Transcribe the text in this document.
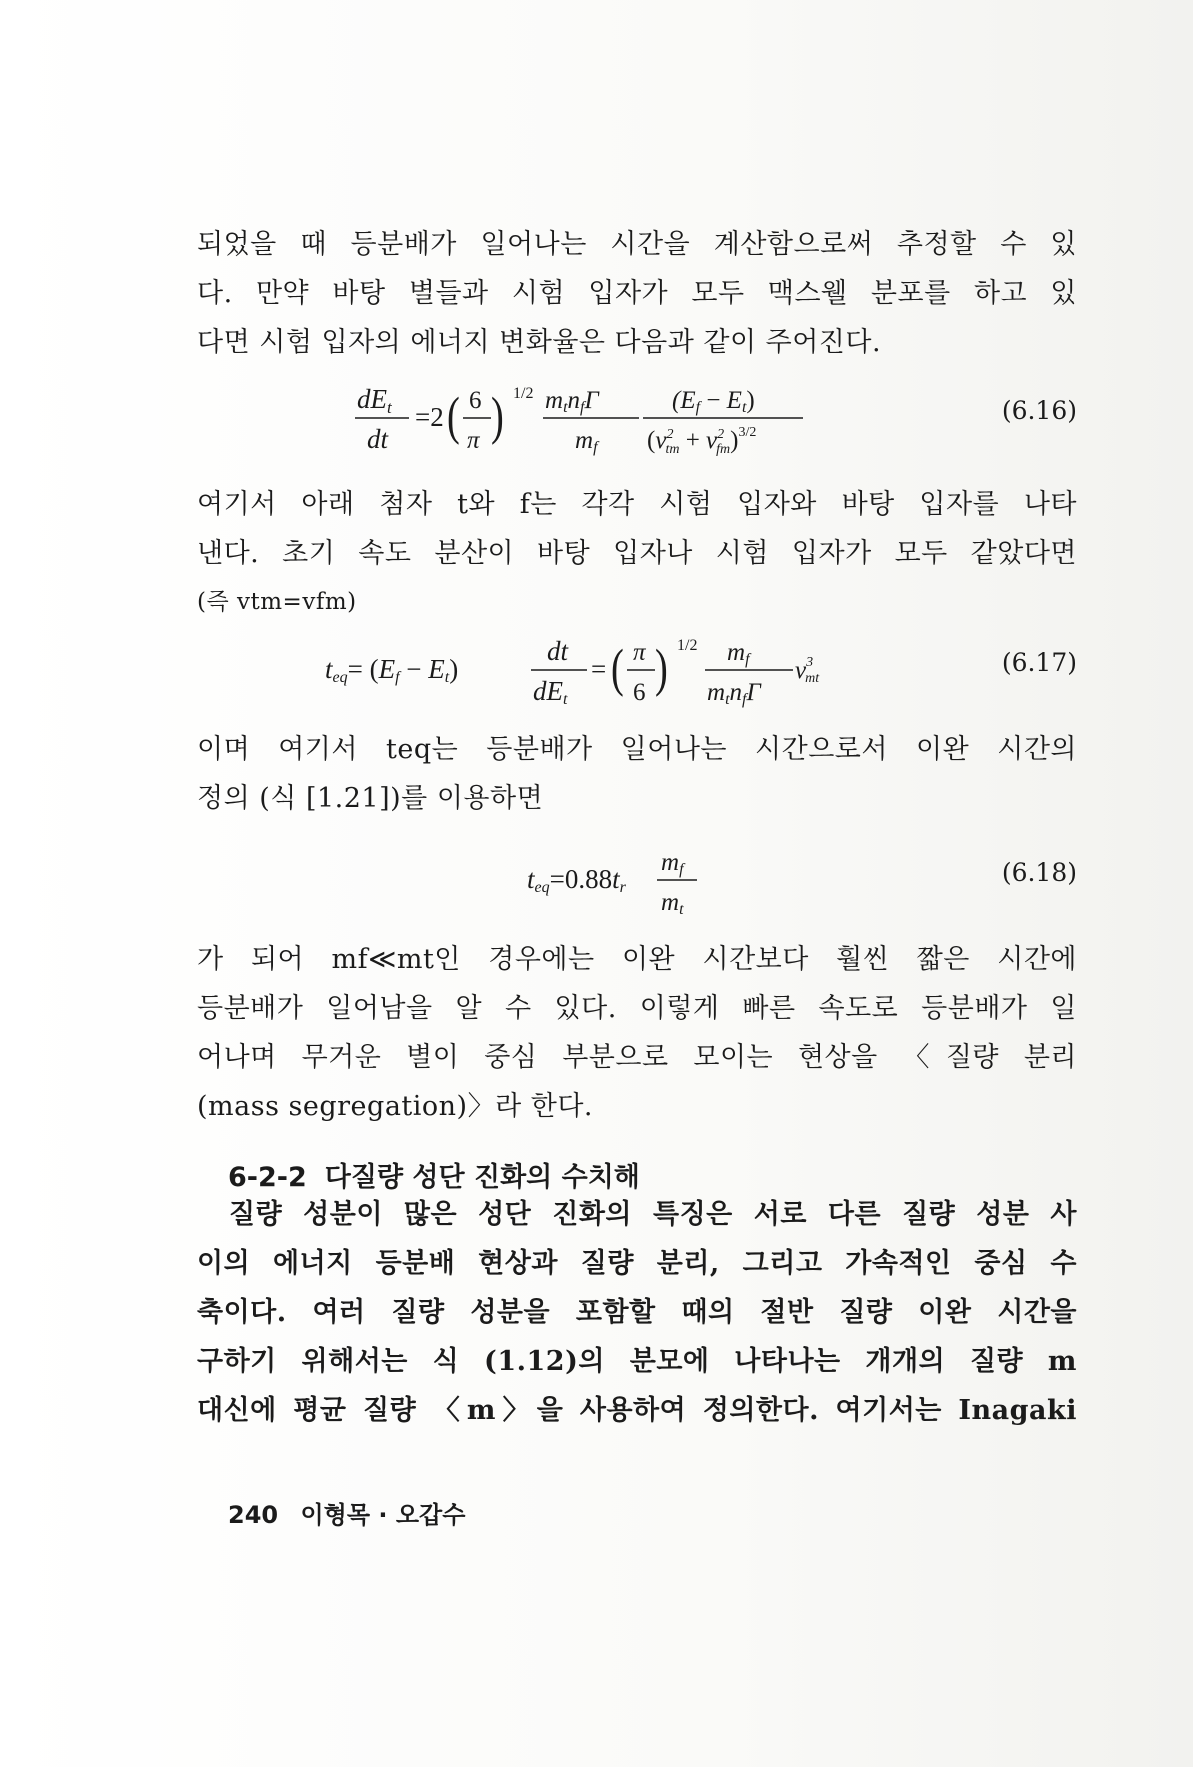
되었을 때 등분배가 일어나는 시간을 계산함으로써 추정할 수 있
다. 만약 바탕 별들과 시험 입자가 모두 맥스웰 분포를 하고 있
다면 시험 입자의 에너지 변화율은 다음과 같이 주어진다.
dEt
dt
=2 ( 6
π ) 1/2 mtnfΓ
mf
(Ef − Et)
($v^2$ tm + $v^2$ fm)$^{3/2}$
(6.16)
여기서 아래 첨자 t와 f는 각각 시험 입자와 바탕 입자를 나타
낸다. 초기 속도 분산이 바탕 입자나 시험 입자가 모두 같았다면
(즉 vtm=vfm)
teq= (Ef − Et)
dt
dEt
= ( π
6 ) 1/2 mf
mtnfΓ
$v^3$ mt
(6.17)
이며 여기서 teq는 등분배가 일어나는 시간으로서 이완 시간의
정의 (식 [1.21])를 이용하면
teq=0.88tr
mf
mt
(6.18)
가 되어 mf≪mt인 경우에는 이완 시간보다 훨씬 짧은 시간에
등분배가 일어남을 알 수 있다. 이렇게 빠른 속도로 등분배가 일
어나며 무거운 별이 중심 부분으로 모이는 현상을 〈질량 분리
(mass segregation)〉라 한다.
6-2-2 다질량 성단 진화의 수치해
질량 성분이 많은 성단 진화의 특징은 서로 다른 질량 성분 사
이의 에너지 등분배 현상과 질량 분리, 그리고 가속적인 중심 수
축이다. 여러 질량 성분을 포함할 때의 절반 질량 이완 시간을
구하기 위해서는 식 (1.12)의 분모에 나타나는 개개의 질량 m
대신에 평균 질량 〈m〉을 사용하여 정의한다. 여기서는 Inagaki
240 이형목 · 오갑수
